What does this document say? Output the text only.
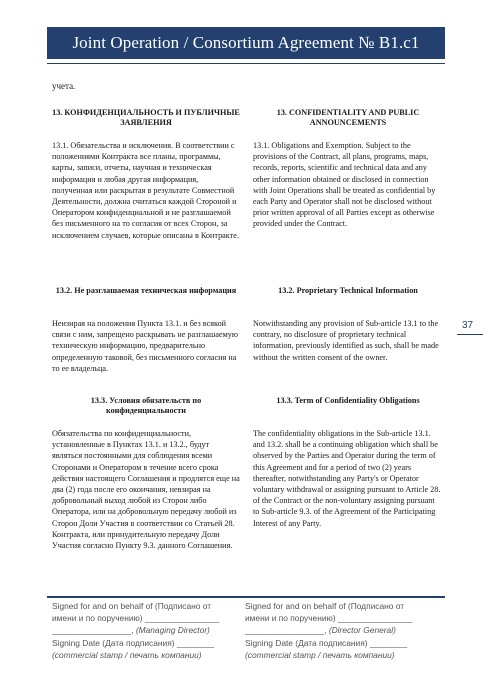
Joint Operation / Consortium Agreement № B1.c1
учета.
13. КОНФИДЕНЦИАЛЬНОСТЬ И ПУБЛИЧНЫЕ ЗАЯВЛЕНИЯ
13. CONFIDENTIALITY AND PUBLIC ANNOUNCEMENTS
13.1. Обязательства и исключения. В соответствии с положениями Контракта все планы, программы, карты, записи, отчеты, научная и техническая информация и любая другая информация, полученная или раскрытая в результате Совместной Деятельности, должна считаться каждой Стороной и Оператором конфиденциальной и не разглашаемой без письменного на то согласия от всех Сторон, за исключением случаев, которые описаны в Контракте.
13.1. Obligations and Exemption. Subject to the provisions of the Contract, all plans, programs, maps, records, reports, scientific and technical data and any other information obtained or disclosed in connection with Joint Operations shall be treated as confidential by each Party and Operator shall not be disclosed without prior written approval of all Parties except as otherwise provided under the Contract.
13.2. Не разглашаемая техническая информация	13.2. Proprietary Technical Information
Неизирая на положения Пункта 13.1. и без всякой связи с ним, запрещено раскрывать не разглашаемую техническую информацию, предварительно определенную таковой, без письменного согласия на то ее владельца.
Notwithstanding any provision of Sub-article 13.1 to the contrary, no disclosure of proprietary technical information, previously identified as such, shall be made without the written consent of the owner.
13.3. Условия обязательств по конфиденциальности
13.3. Term of Confidentiality Obligations
Обязательства по конфиденциальности, установленные в Пунктах 13.1. и 13.2., будут являться постоянными для соблюдения всеми Сторонами и Оператором в течение всего срока действия настоящего Соглашения и продлятся еще на два (2) года после его окончания, невзирая на добровольный выход любой из Сторон либо Оператора, или на добровольную передачу любой из Сторон Доли Участия в соответствии со Статьей 28. Контракта, или принудительную передачу Доли Участия согласно Пункту 9.3. данного Соглашения.
The confidentiality obligations in the Sub-article 13.1. and 13.2. shall be a continuing obligation which shall be observed by the Parties and Operator during the term of this Agreement and for a period of two (2) years thereafter, notwithstanding any Party's or Operator voluntary withdrawal or assigning pursuant to Article 28. of the Contract or the non-voluntary assigning pursuant to Sub-article 9.3. of the Agreement of the Participating Interest of any Party.
37
Signed for and on behalf of (Подписано от
имени и по поручению) ________________
_________________, (Managing Director)
Signing Date (Дата подписания) ________
(commercial stamp / печать компании)
Signed for and on behalf of (Подписано от
имени и по поручению) ________________
_________________, (Director General)
Signing Date (Дата подписания) ________
(commercial stamp / печать компании)
